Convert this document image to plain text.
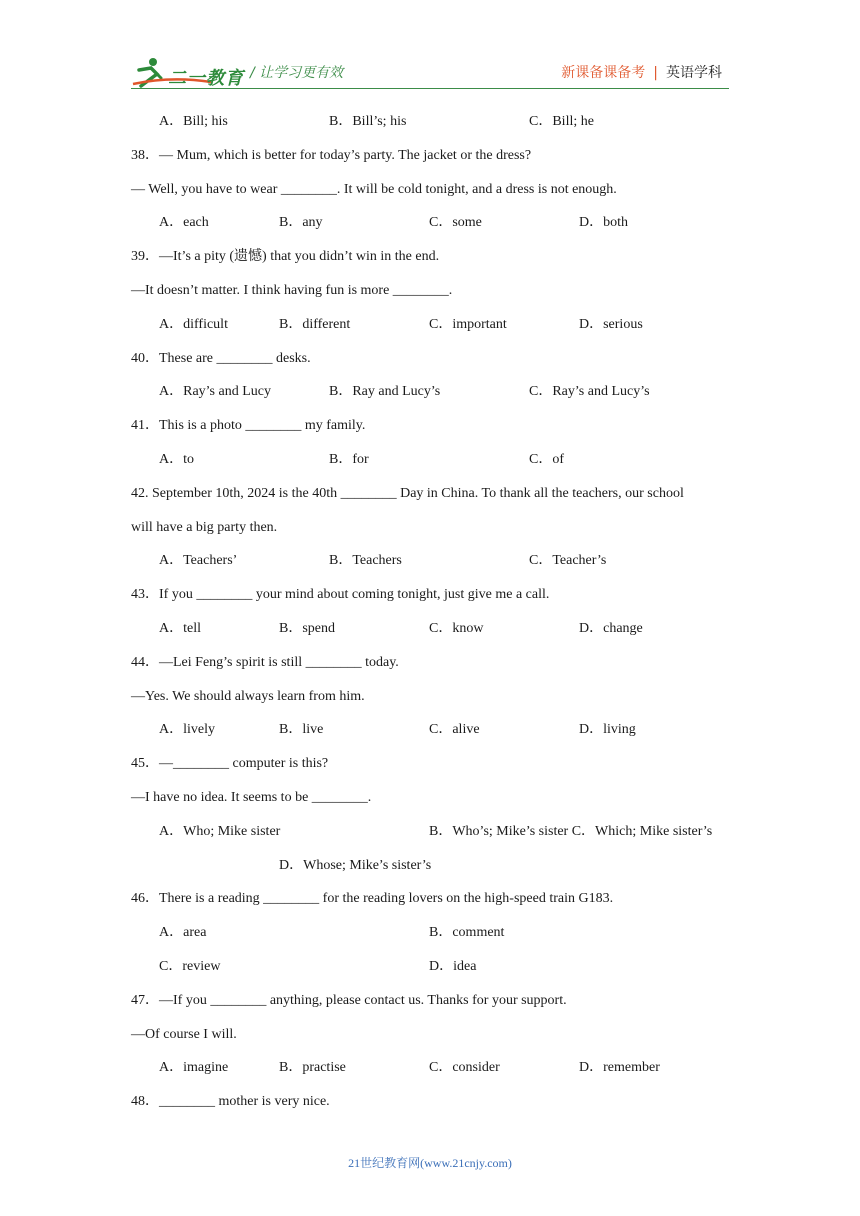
二一教育 / 让学习更有效	新课备课备考 | 英语学科
A．Bill; his	B．Bill’s; his	C．Bill; he
38．— Mum, which is better for today’s party. The jacket or the dress?
— Well, you have to wear ________. It will be cold tonight, and a dress is not enough.
A．each	B．any	C．some	D．both
39．—It’s a pity (遗憾) that you didn’t win in the end.
—It doesn’t matter. I think having fun is more ________.
A．difficult	B．different	C．important	D．serious
40．These are ________ desks.
A．Ray’s and Lucy	B．Ray and Lucy’s	C．Ray’s and Lucy’s
41．This is a photo ________ my family.
A．to	B．for	C．of
42. September 10th, 2024 is the 40th ________ Day in China. To thank all the teachers, our school
will have a big party then.
A．Teachers’	B．Teachers	C．Teacher’s
43．If you ________ your mind about coming tonight, just give me a call.
A．tell	B．spend	C．know	D．change
44．—Lei Feng’s spirit is still ________ today.
—Yes. We should always learn from him.
A．lively	B．live	C．alive	D．living
45．—________ computer is this?
—I have no idea. It seems to be ________.
A．Who; Mike sister	B．Who’s; Mike’s sister C．Which; Mike sister’s
D．Whose; Mike’s sister’s
46．There is a reading ________ for the reading lovers on the high-speed train G183.
A．area	B．comment
C．review	D．idea
47．—If you ________ anything, please contact us. Thanks for your support.
—Of course I will.
A．imagine	B．practise	C．consider	D．remember
48．________ mother is very nice.
21世纪教育网(www.21cnjy.com)
